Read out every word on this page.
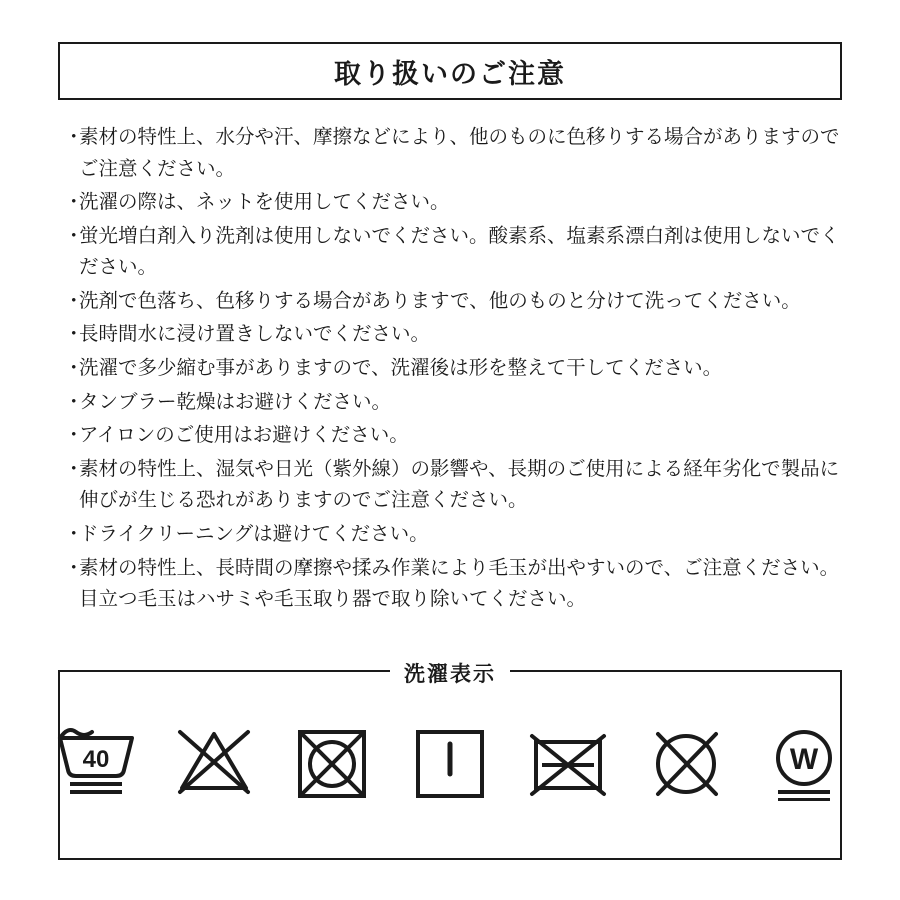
取り扱いのご注意
・
素材の特性上、水分や汗、摩擦などにより、他のものに色移りする場合がありますのでご注意ください。
・
洗濯の際は、ネットを使用してください。
・
蛍光増白剤入り洗剤は使用しないでください。酸素系、塩素系漂白剤は使用しないでください。
・
洗剤で色落ち、色移りする場合がありますで、他のものと分けて洗ってください。
・
長時間水に浸け置きしないでください。
・
洗濯で多少縮む事がありますので、洗濯後は形を整えて干してください。
・
タンブラー乾燥はお避けください。
・
アイロンのご使用はお避けください。
・
素材の特性上、湿気や日光（紫外線）の影響や、長期のご使用による経年劣化で製品に伸びが生じる恐れがありますのでご注意ください。
・
ドライクリーニングは避けてください。
・
素材の特性上、長時間の摩擦や揉み作業により毛玉が出やすいので、ご注意ください。目立つ毛玉はハサミや毛玉取り器で取り除いてください。
洗濯表示
40	W
